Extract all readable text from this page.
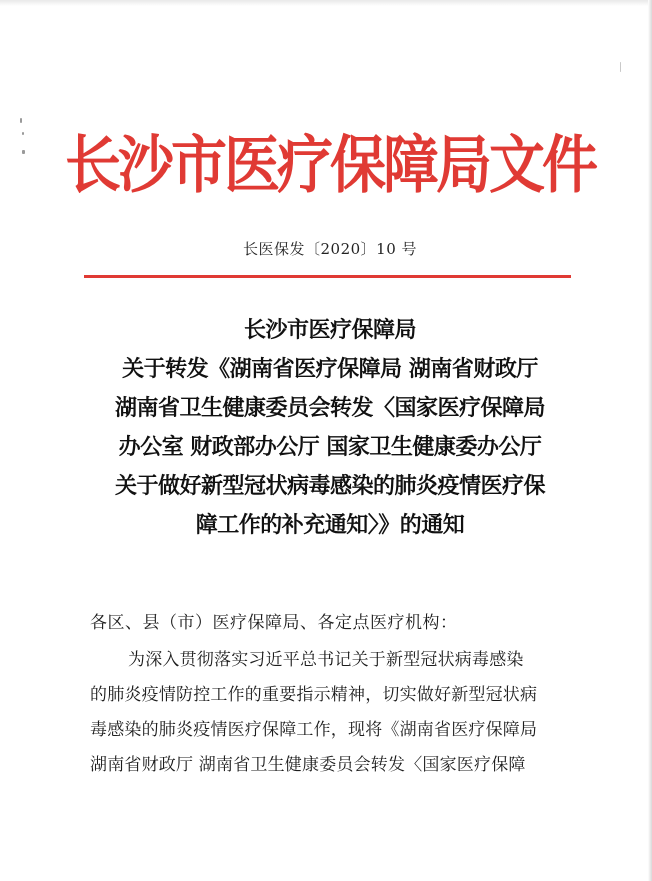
长沙市医疗保障局文件
长医保发〔2020〕10 号
长沙市医疗保障局
关于转发《湖南省医疗保障局 湖南省财政厅
湖南省卫生健康委员会转发〈国家医疗保障局
办公室 财政部办公厅 国家卫生健康委办公厅
关于做好新型冠状病毒感染的肺炎疫情医疗保
障工作的补充通知〉》的通知
各区、县（市）医疗保障局、各定点医疗机构：
为深入贯彻落实习近平总书记关于新型冠状病毒感染
的肺炎疫情防控工作的重要指示精神，切实做好新型冠状病
毒感染的肺炎疫情医疗保障工作，现将《湖南省医疗保障局
湖南省财政厅 湖南省卫生健康委员会转发〈国家医疗保障
